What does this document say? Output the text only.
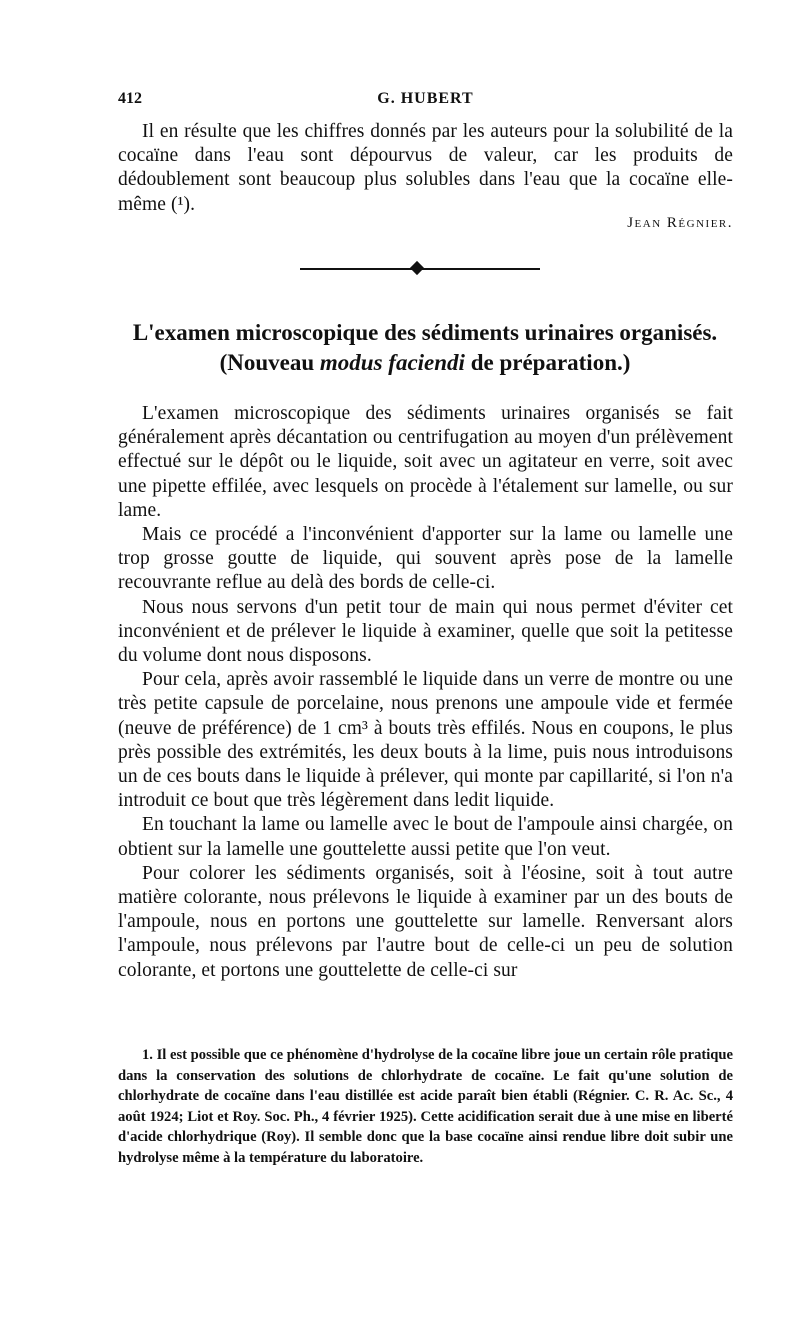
412	G. HUBERT

Il en résulte que les chiffres donnés par les auteurs pour la solubilité de la cocaïne dans l'eau sont dépourvus de valeur, car les produits de dédoublement sont beaucoup plus solubles dans l'eau que la cocaïne elle-même (¹).

Jean Régnier.
L'examen microscopique des sédiments urinaires organisés.
(Nouveau modus faciendi de préparation.)

L'examen microscopique des sédiments urinaires organisés se fait généralement après décantation ou centrifugation au moyen d'un prélèvement effectué sur le dépôt ou le liquide, soit avec un agitateur en verre, soit avec une pipette effilée, avec lesquels on procède à l'étalement sur lamelle, ou sur lame.

Mais ce procédé a l'inconvénient d'apporter sur la lame ou lamelle une trop grosse goutte de liquide, qui souvent après pose de la lamelle recouvrante reflue au delà des bords de celle-ci.

Nous nous servons d'un petit tour de main qui nous permet d'éviter cet inconvénient et de prélever le liquide à examiner, quelle que soit la petitesse du volume dont nous disposons.

Pour cela, après avoir rassemblé le liquide dans un verre de montre ou une très petite capsule de porcelaine, nous prenons une ampoule vide et fermée (neuve de préférence) de 1 cm³ à bouts très effilés. Nous en coupons, le plus près possible des extrémités, les deux bouts à la lime, puis nous introduisons un de ces bouts dans le liquide à prélever, qui monte par capillarité, si l'on n'a introduit ce bout que très légèrement dans ledit liquide.

En touchant la lame ou lamelle avec le bout de l'ampoule ainsi chargée, on obtient sur la lamelle une gouttelette aussi petite que l'on veut.

Pour colorer les sédiments organisés, soit à l'éosine, soit à tout autre matière colorante, nous prélevons le liquide à examiner par un des bouts de l'ampoule, nous en portons une gouttelette sur lamelle. Renversant alors l'ampoule, nous prélevons par l'autre bout de celle-ci un peu de solution colorante, et portons une gouttelette de celle-ci sur

1. Il est possible que ce phénomène d'hydrolyse de la cocaïne libre joue un certain rôle pratique dans la conservation des solutions de chlorhydrate de cocaïne. Le fait qu'une solution de chlorhydrate de cocaïne dans l'eau distillée est acide paraît bien établi (Régnier. C. R. Ac. Sc., 4 août 1924; Liot et Roy. Soc. Ph., 4 février 1925). Cette acidification serait due à une mise en liberté d'acide chlorhydrique (Roy). Il semble donc que la base cocaïne ainsi rendue libre doit subir une hydrolyse même à la température du laboratoire.
